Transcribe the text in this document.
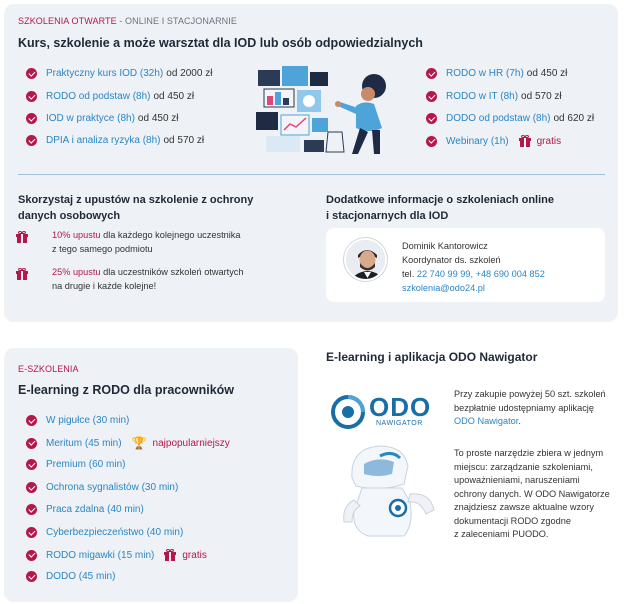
SZKOLENIA OTWARTE - ONLINE I STACJONARNIE
Kurs, szkolenie a może warsztat dla IOD lub osób odpowiedzialnych
Praktyczny kurs IOD (32h) od 2000 zł
RODO od podstaw (8h) od 450 zł
IOD w praktyce (8h) od 450 zł
DPIA i analiza ryzyka (8h) od 570 zł
RODO w HR (7h) od 450 zł
RODO w IT (8h) od 570 zł
DODO od podstaw (8h) od 620 zł
Webinary (1h)	gratis
Skorzystaj z upustów na szkolenie z ochrony
danych osobowych
10% upustu dla każdego kolejnego uczestnika
z tego samego podmiotu
25% upustu dla uczestników szkoleń otwartych
na drugie i każde kolejne!
Dodatkowe informacje o szkoleniach online
i stacjonarnych dla IOD
Dominik Kantorowicz
Koordynator ds. szkoleń
tel. 22 740 99 99, +48 690 004 852
szkolenia@odo24.pl
E-SZKOLENIA
E-learning z RODO dla pracowników
W pigułce (30 min)
Meritum (45 min) 🏆 najpopularniejszy
Premium (60 min)
Ochrona sygnalistów (30 min)
Praca zdalna (40 min)
Cyberbezpieczeństwo (40 min)
RODO migawki (15 min)	gratis
DODO (45 min)
E-learning i aplikacja ODO Nawigator
ODO
NAWIGATOR
Przy zakupie powyżej 50 szt. szkoleń
bezpłatnie udostępniamy aplikację
ODO Nawigator.
To proste narzędzie zbiera w jednym
miejscu: zarządzanie szkoleniami,
upoważnieniami, naruszeniami
ochrony danych. W ODO Nawigatorze
znajdziesz zawsze aktualne wzory
dokumentacji RODO zgodne
z zaleceniami PUODO.
